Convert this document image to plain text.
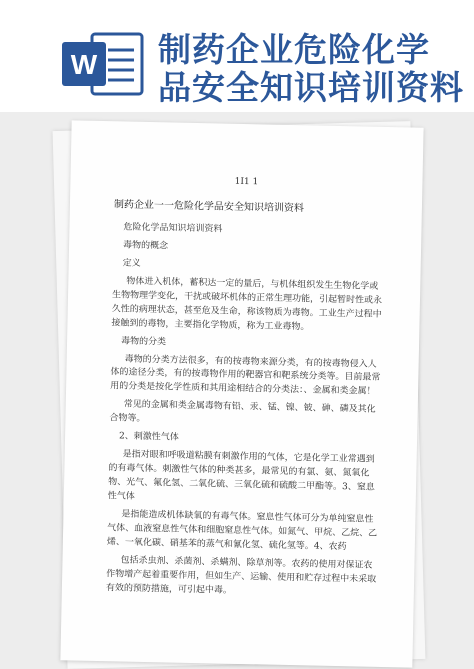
W 制药企业危险化学
品安全知识培训资料
1I1 1
制药企业一一危险化学品安全知识培训资料

危险化学品知识培训资料

毒物的概念

定义

物体进入机体，蓄积达一定的量后，与机体组织发生生物化学或生物物理学变化，干扰或破坏机体的正常生理功能，引起暂时性或永久性的病理状态，甚至危及生命，称该物质为毒物。工业生产过程中接触到的毒物，主要指化学物质，称为工业毒物。

毒物的分类

毒物的分类方法很多，有的按毒物来源分类，有的按毒物侵入人体的途径分类，有的按毒物作用的靶器官和靶系统分类等。目前最常用的分类是按化学性质和其用途相结合的分类法：、金属和类金属！

常见的金属和类金属毒物有铅、汞、锰、镍、铍、砷、磷及其化合物等。

2、刺激性气体

是指对眼和呼吸道粘膜有刺激作用的气体，它是化学工业常遇到的有毒气体。刺激性气体的种类甚多，最常见的有氯、氨、氮氧化物、光气、氟化氢、二氧化硫、三氧化硫和硫酸二甲酯等。3、窒息性气体

是指能造成机体缺氧的有毒气体。窒息性气体可分为单纯窒息性气体、血液窒息性气体和细胞窒息性气体。如氮气、甲烷、乙烷、乙烯、一氧化碳、硝基苯的蒸气和氰化氢、硫化氢等。4、农药

包括杀虫剂、杀菌剂、杀螨剂、除草剂等。农药的使用对保证农作物增产起着重要作用，但如生产、运输、使用和贮存过程中未采取有效的预防措施，可引起中毒。
